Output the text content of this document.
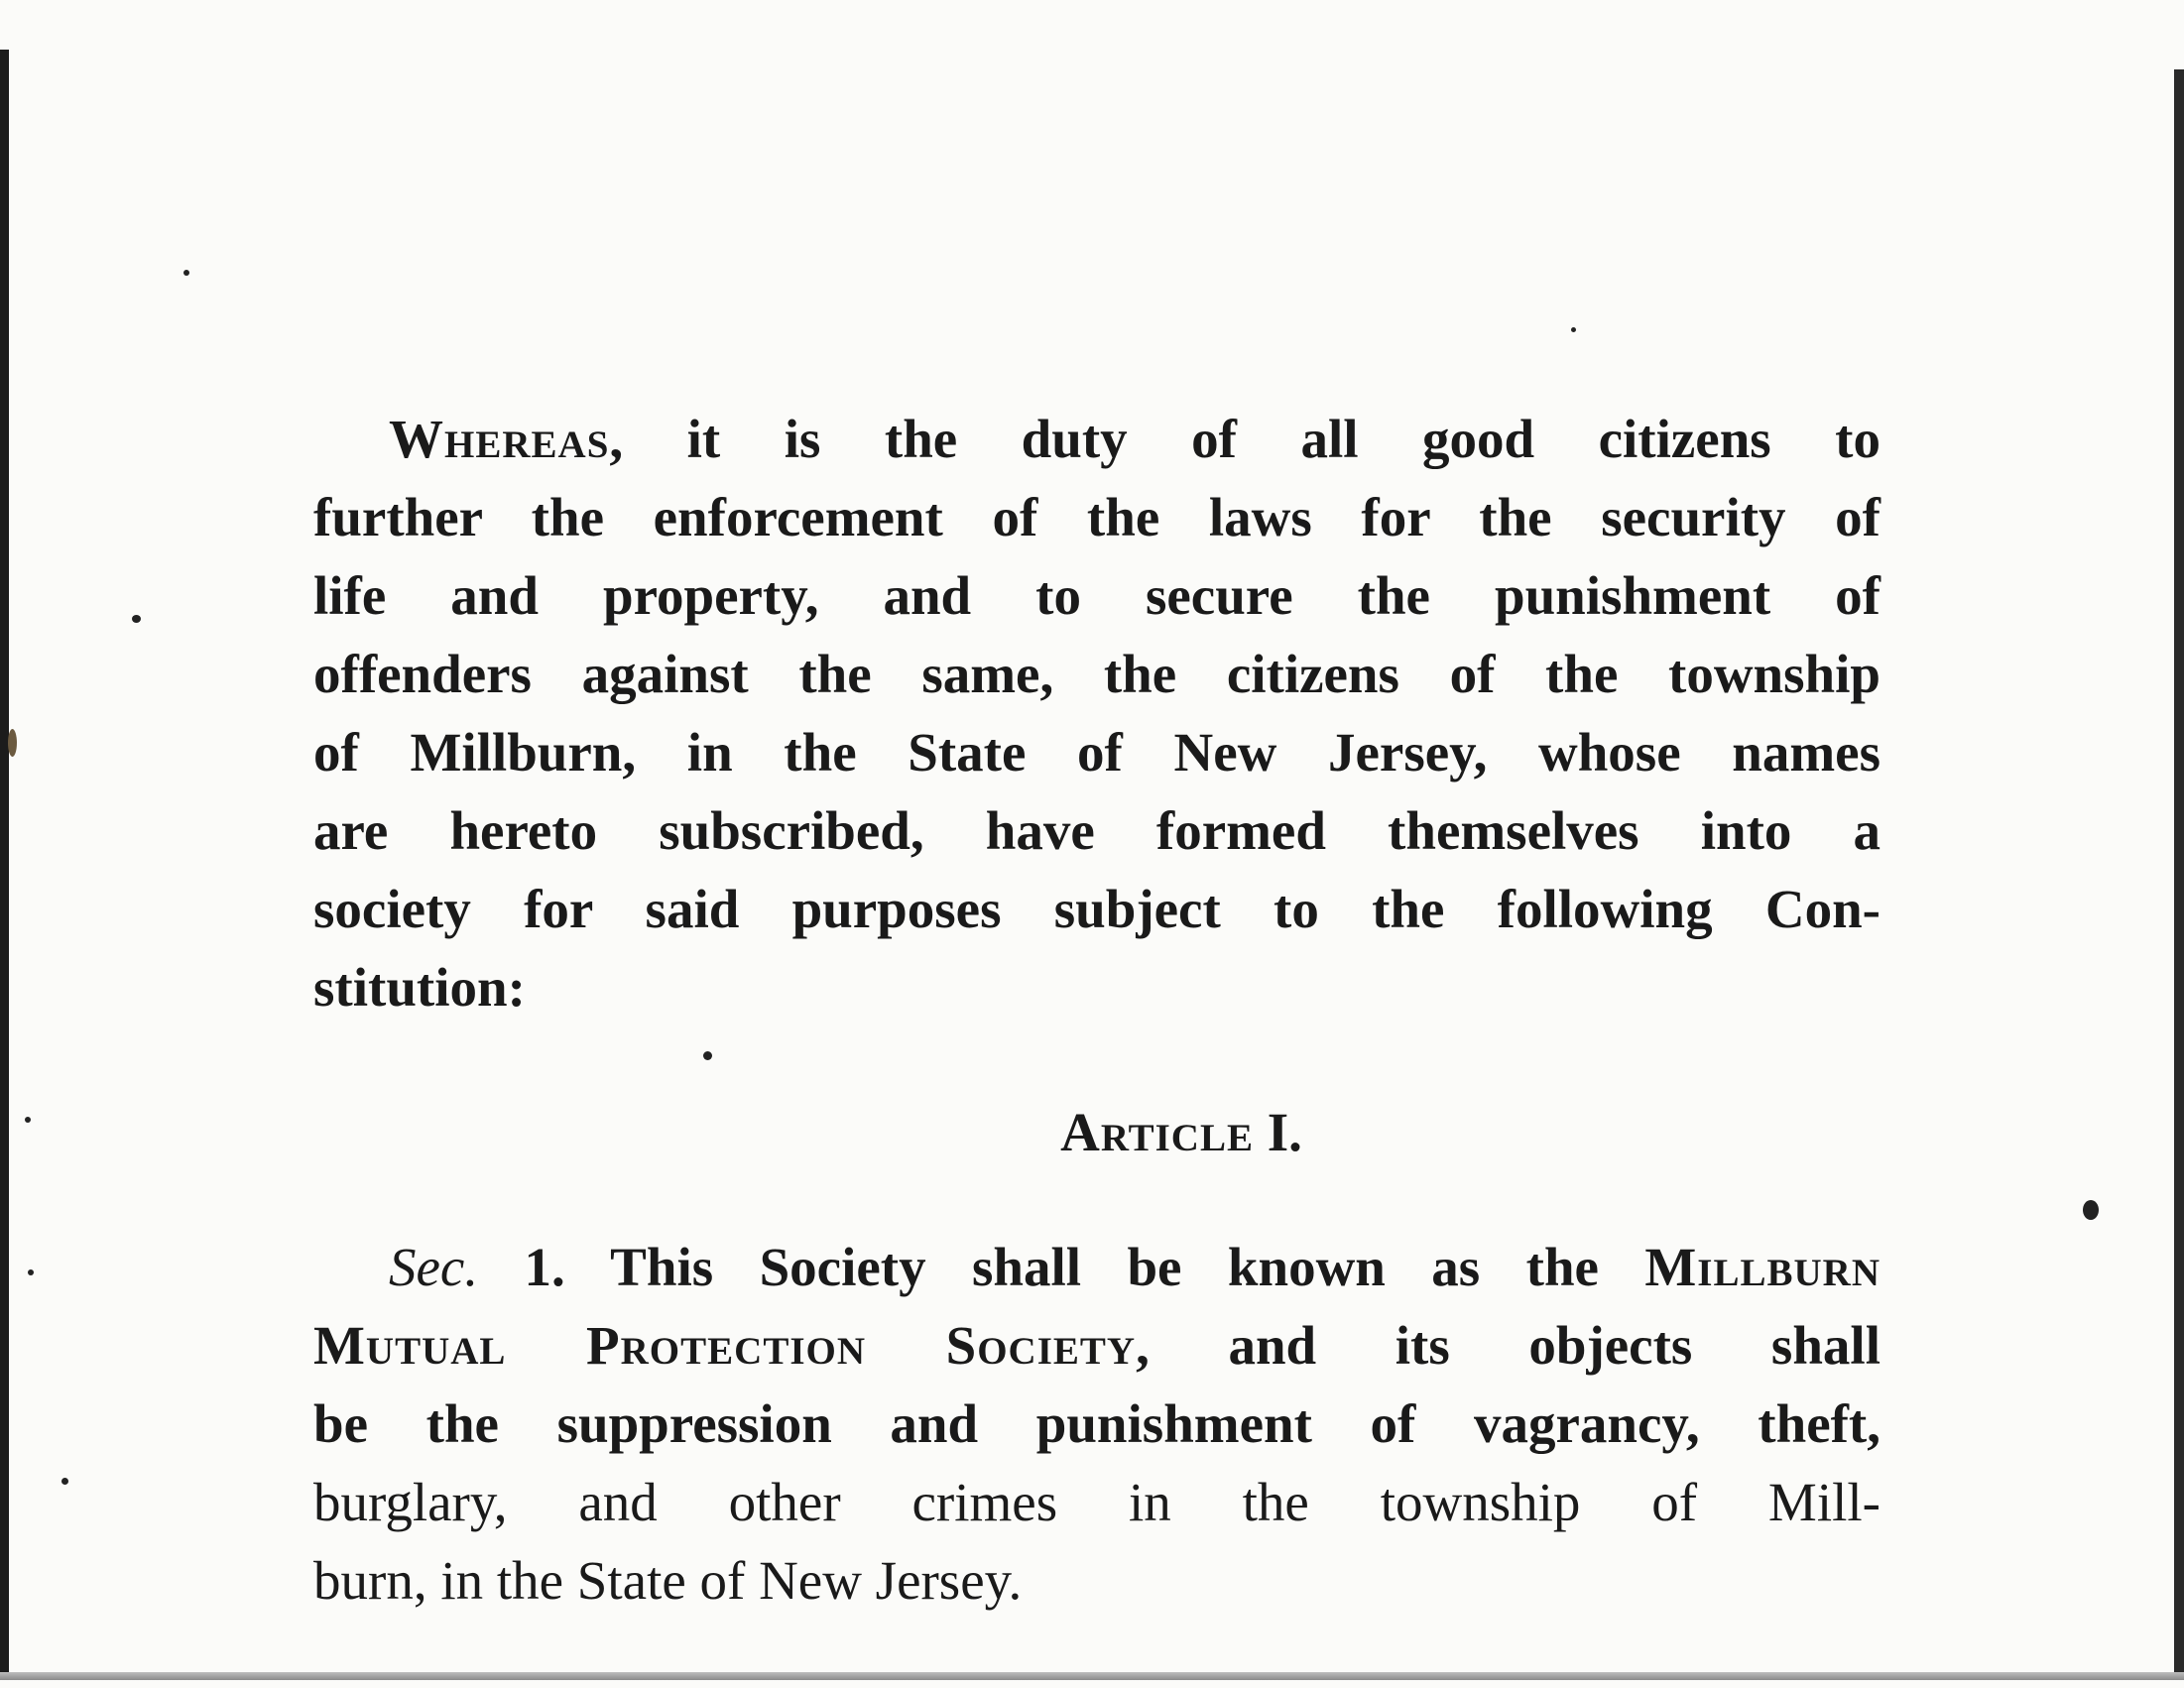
Whereas, it is the duty of all good citizens to
further the enforcement of the laws for the security of
life and property, and to secure the punishment of
offenders against the same, the citizens of the township
of Millburn, in the State of New Jersey, whose names
are hereto subscribed, have formed themselves into a
society for said purposes subject to the following Con-
stitution:
Article I.
Sec. 1. This Society shall be known as the Millburn
Mutual Protection Society, and its objects shall
be the suppression and punishment of vagrancy, theft,
burglary, and other crimes in the township of Mill-
burn, in the State of New Jersey.
